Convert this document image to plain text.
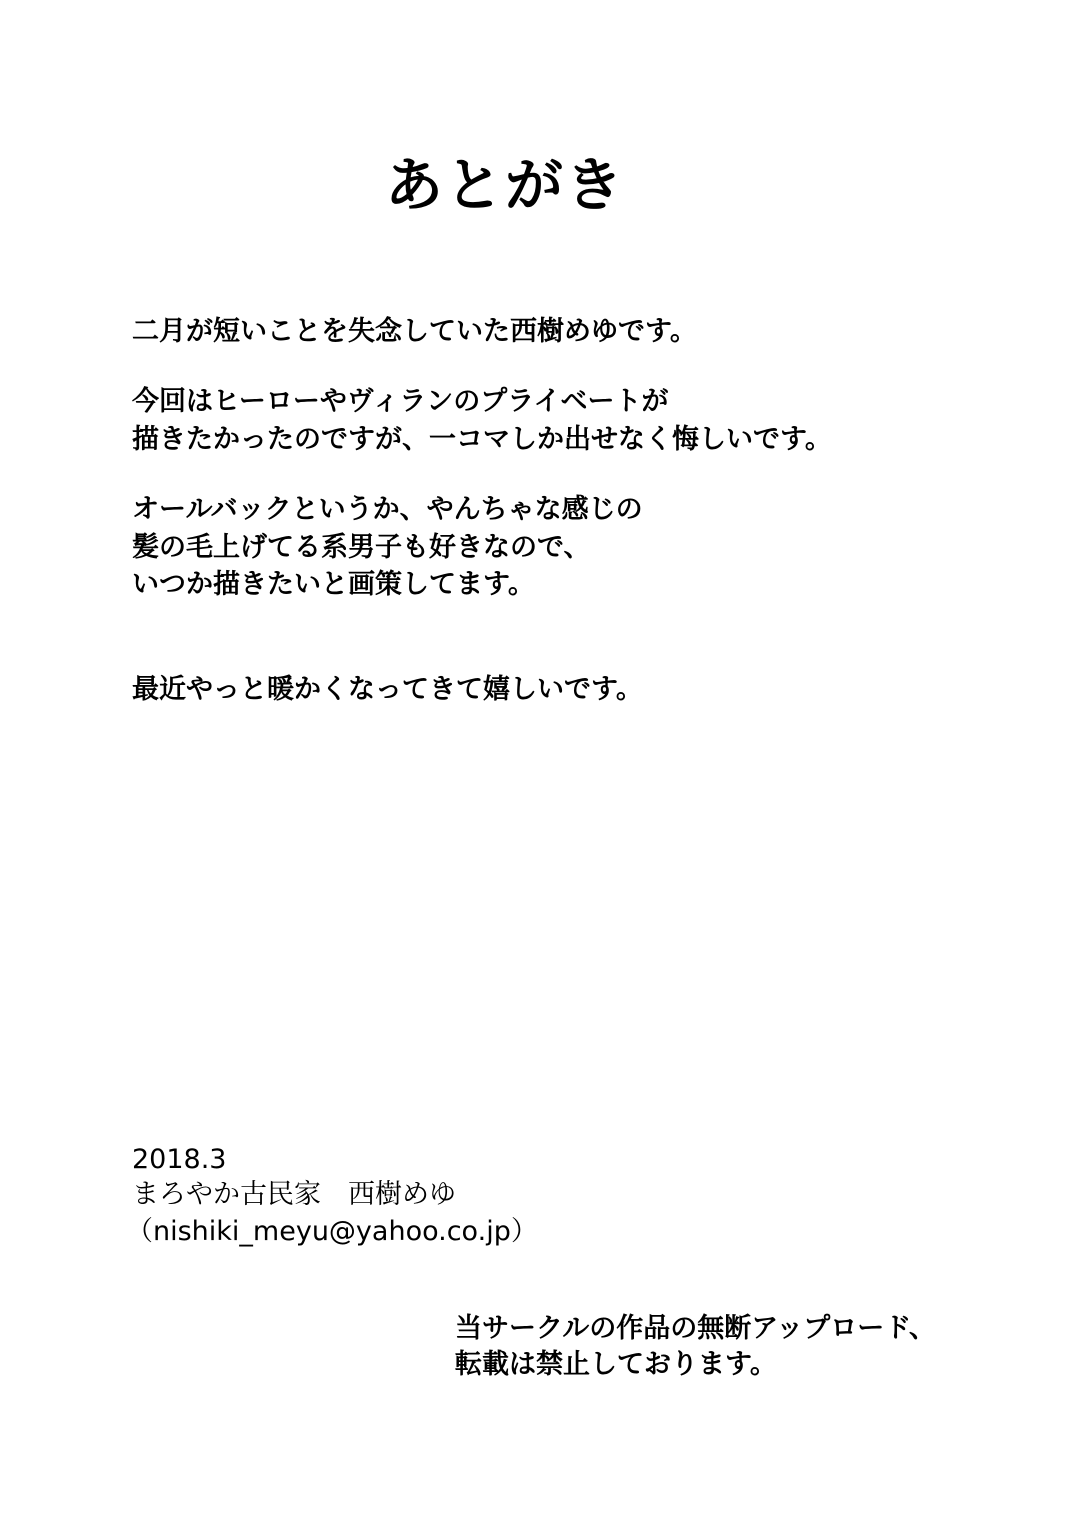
あとがき
二月が短いことを失念していた西樹めゆです。
今回はヒーローやヴィランのプライベートが
描きたかったのですが、一コマしか出せなく悔しいです。
オールバックというか、やんちゃな感じの
髪の毛上げてる系男子も好きなので、
いつか描きたいと画策してます。
最近やっと暖かくなってきて嬉しいです。
2018.3
まろやか古民家　西樹めゆ
（nishiki_meyu@yahoo.co.jp）
当サークルの作品の無断アップロード、
転載は禁止しております。
